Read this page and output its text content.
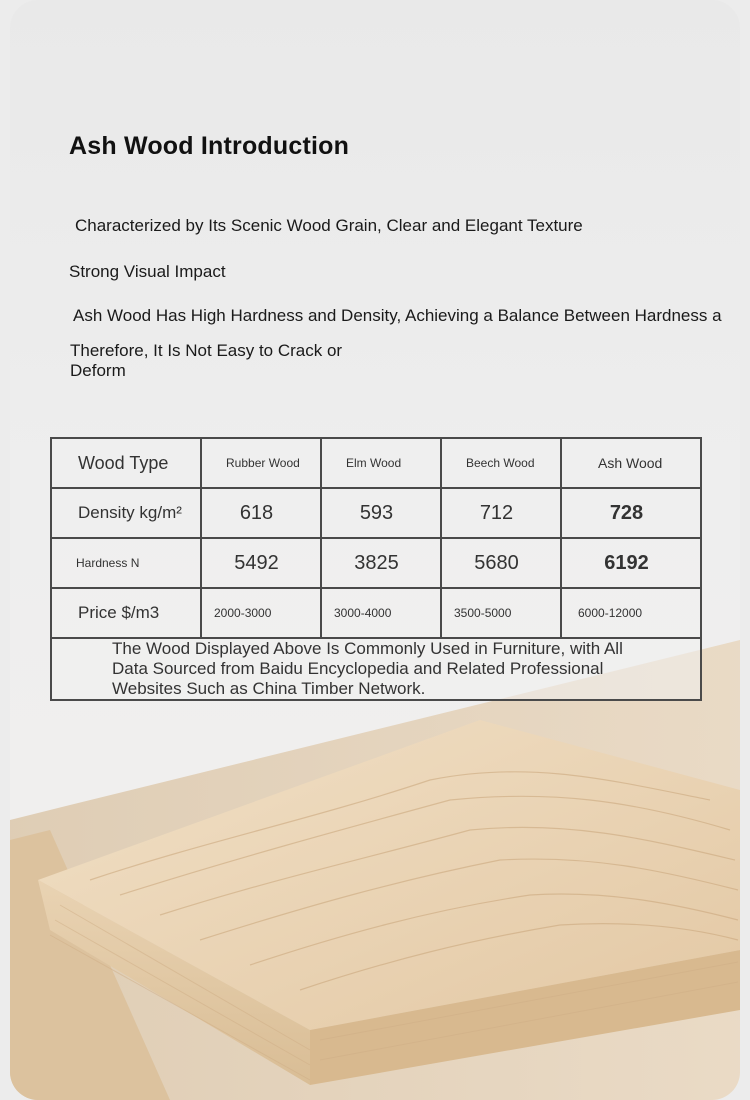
Ash Wood Introduction
Characterized by Its Scenic Wood Grain, Clear and Elegant Texture
Strong Visual Impact
Ash Wood Has High Hardness and Density, Achieving a Balance Between Hardness a
Therefore, It Is Not Easy to Crack or Deform
Wood Type	Rubber Wood	Elm Wood	Beech Wood	Ash Wood
Density kg/m²	618	593	712	728
Hardness N	5492	3825	5680	6192
Price $/m3	2000-3000	3000-4000	3500-5000	6000-12000
The Wood Displayed Above Is Commonly Used in Furniture, with All Data Sourced from Baidu Encyclopedia and Related Professional Websites Such as China Timber Network.				
